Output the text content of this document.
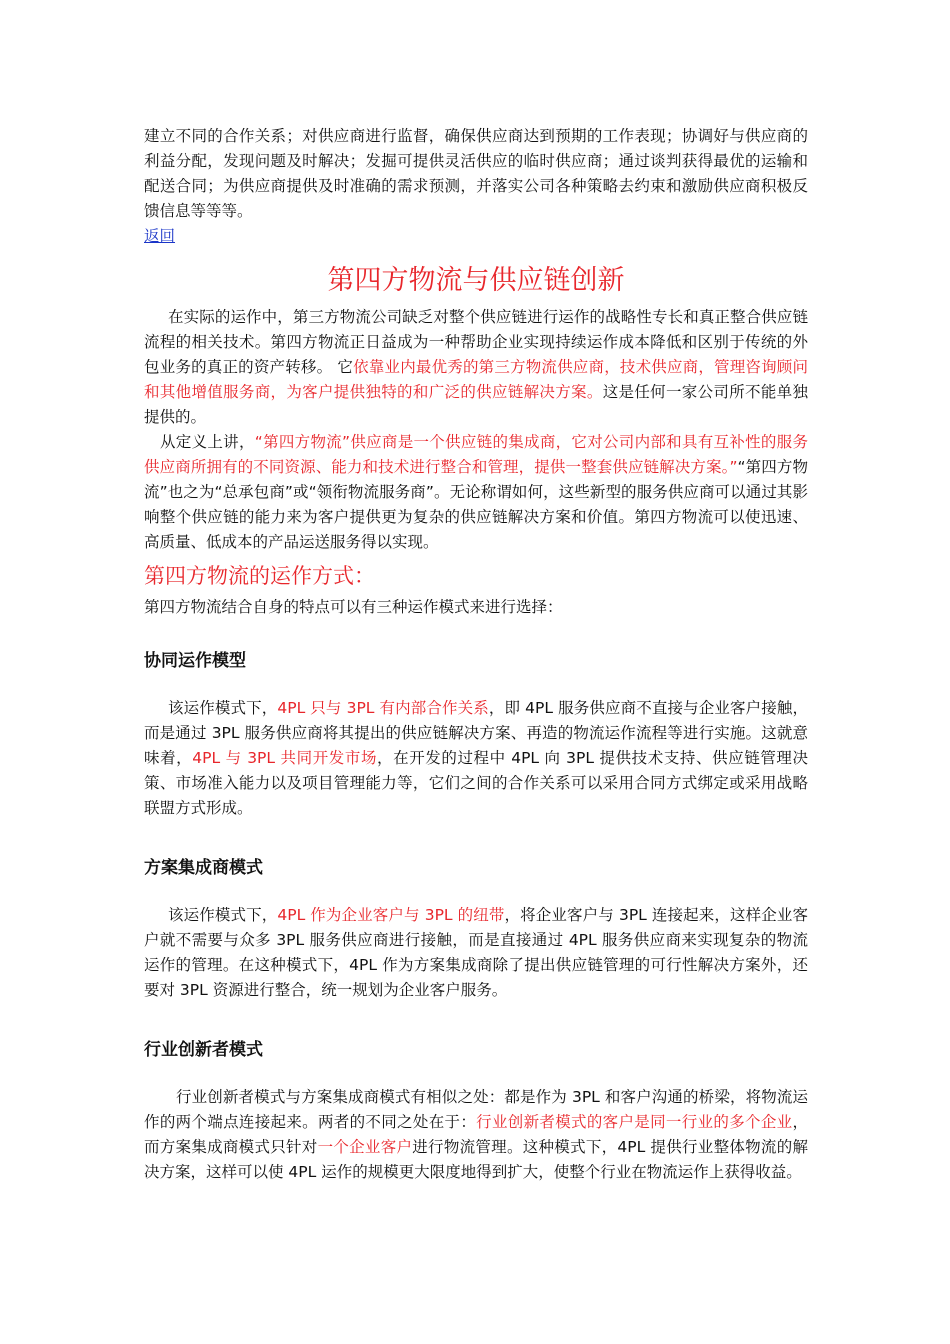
建立不同的合作关系；对供应商进行监督，确保供应商达到预期的工作表现；协调好与供应商的利益分配，发现问题及时解决；发掘可提供灵活供应的临时供应商；通过谈判获得最优的运输和配送合同；为供应商提供及时准确的需求预测，并落实公司各种策略去约束和激励供应商积极反馈信息等等等。

返回
第四方物流与供应链创新

在实际的运作中，第三方物流公司缺乏对整个供应链进行运作的战略性专长和真正整合供应链流程的相关技术。第四方物流正日益成为一种帮助企业实现持续运作成本降低和区别于传统的外包业务的真正的资产转移。 它依靠业内最优秀的第三方物流供应商，技术供应商，管理咨询顾问和其他增值服务商，为客户提供独特的和广泛的供应链解决方案。这是任何一家公司所不能单独提供的。

从定义上讲，“第四方物流”供应商是一个供应链的集成商，它对公司内部和具有互补性的服务供应商所拥有的不同资源、能力和技术进行整合和管理，提供一整套供应链解决方案。”“第四方物流”也之为“总承包商”或“领衔物流服务商”。无论称谓如何，这些新型的服务供应商可以通过其影响整个供应链的能力来为客户提供更为复杂的供应链解决方案和价值。第四方物流可以使迅速、高质量、低成本的产品运送服务得以实现。

第四方物流的运作方式：

第四方物流结合自身的特点可以有三种运作模式来进行选择：

协同运作模型

该运作模式下，4PL 只与 3PL 有内部合作关系，即 4PL 服务供应商不直接与企业客户接触，而是通过 3PL 服务供应商将其提出的供应链解决方案、再造的物流运作流程等进行实施。这就意味着，4PL 与 3PL 共同开发市场，在开发的过程中 4PL 向 3PL 提供技术支持、供应链管理决策、市场准入能力以及项目管理能力等，它们之间的合作关系可以采用合同方式绑定或采用战略联盟方式形成。

方案集成商模式

该运作模式下，4PL 作为企业客户与 3PL 的纽带，将企业客户与 3PL 连接起来，这样企业客户就不需要与众多 3PL 服务供应商进行接触，而是直接通过 4PL 服务供应商来实现复杂的物流运作的管理。在这种模式下，4PL 作为方案集成商除了提出供应链管理的可行性解决方案外，还要对 3PL 资源进行整合，统一规划为企业客户服务。

行业创新者模式

行业创新者模式与方案集成商模式有相似之处：都是作为 3PL 和客户沟通的桥梁，将物流运作的两个端点连接起来。两者的不同之处在于：行业创新者模式的客户是同一行业的多个企业，而方案集成商模式只针对一个企业客户进行物流管理。这种模式下，4PL 提供行业整体物流的解决方案，这样可以使 4PL 运作的规模更大限度地得到扩大，使整个行业在物流运作上获得收益。
